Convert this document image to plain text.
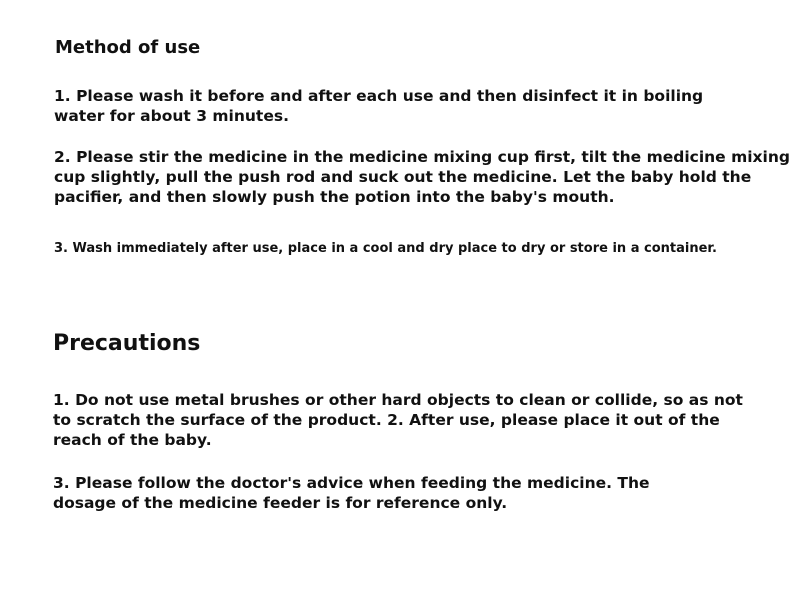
Method of use

1. Please wash it before and after each use and then disinfect it in boiling
water for about 3 minutes.

2. Please stir the medicine in the medicine mixing cup first, tilt the medicine mixing
cup slightly, pull the push rod and suck out the medicine. Let the baby hold the
pacifier, and then slowly push the potion into the baby's mouth.

3. Wash immediately after use, place in a cool and dry place to dry or store in a container.

Precautions

1. Do not use metal brushes or other hard objects to clean or collide, so as not
to scratch the surface of the product. 2. After use, please place it out of the
reach of the baby.

3. Please follow the doctor's advice when feeding the medicine. The
dosage of the medicine feeder is for reference only.
